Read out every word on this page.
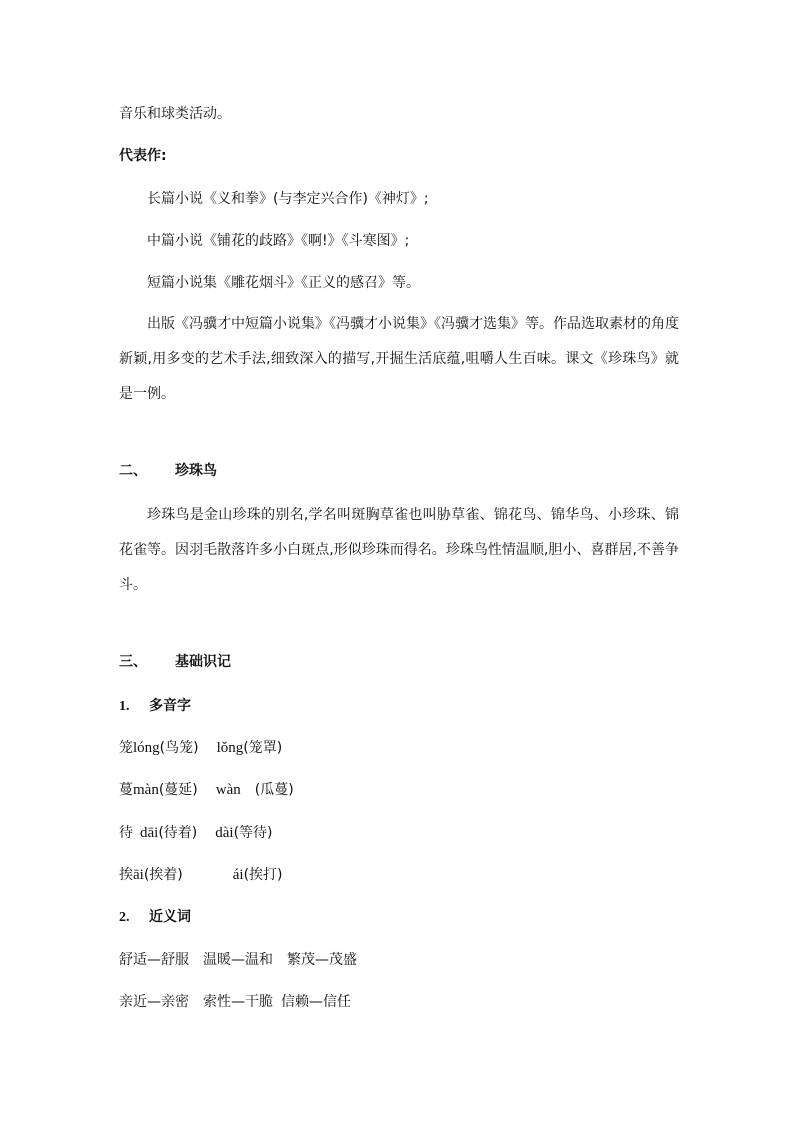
音乐和球类活动。
代表作:
长篇小说《义和拳》(与李定兴合作)《神灯》;
中篇小说《铺花的歧路》《啊!》《斗寒图》;
短篇小说集《雕花烟斗》《正义的感召》等。
出版《冯骥才中短篇小说集》《冯骥才小说集》《冯骥才选集》等。作品选取素材的角度新颖,用多变的艺术手法,细致深入的描写,开掘生活底蕴,咀嚼人生百味。课文《珍珠鸟》就是一例。
二、 珍珠鸟
珍珠鸟是金山珍珠的别名,学名叫斑胸草雀也叫胁草雀、锦花鸟、锦华鸟、小珍珠、锦花雀等。因羽毛散落许多小白斑点,形似珍珠而得名。珍珠鸟性情温顺,胆小、喜群居,不善争斗。
三、 基础识记
1. 多音字
笼lóng(鸟笼) lǒng(笼罩)
蔓màn(蔓延) wàn (瓜蔓)
待 dāi(待着) dài(等待)
挨āi(挨着)	ái(挨打)
2. 近义词
舒适—舒服 温暖—温和 繁茂—茂盛
亲近—亲密 索性—干脆 信赖—信任
